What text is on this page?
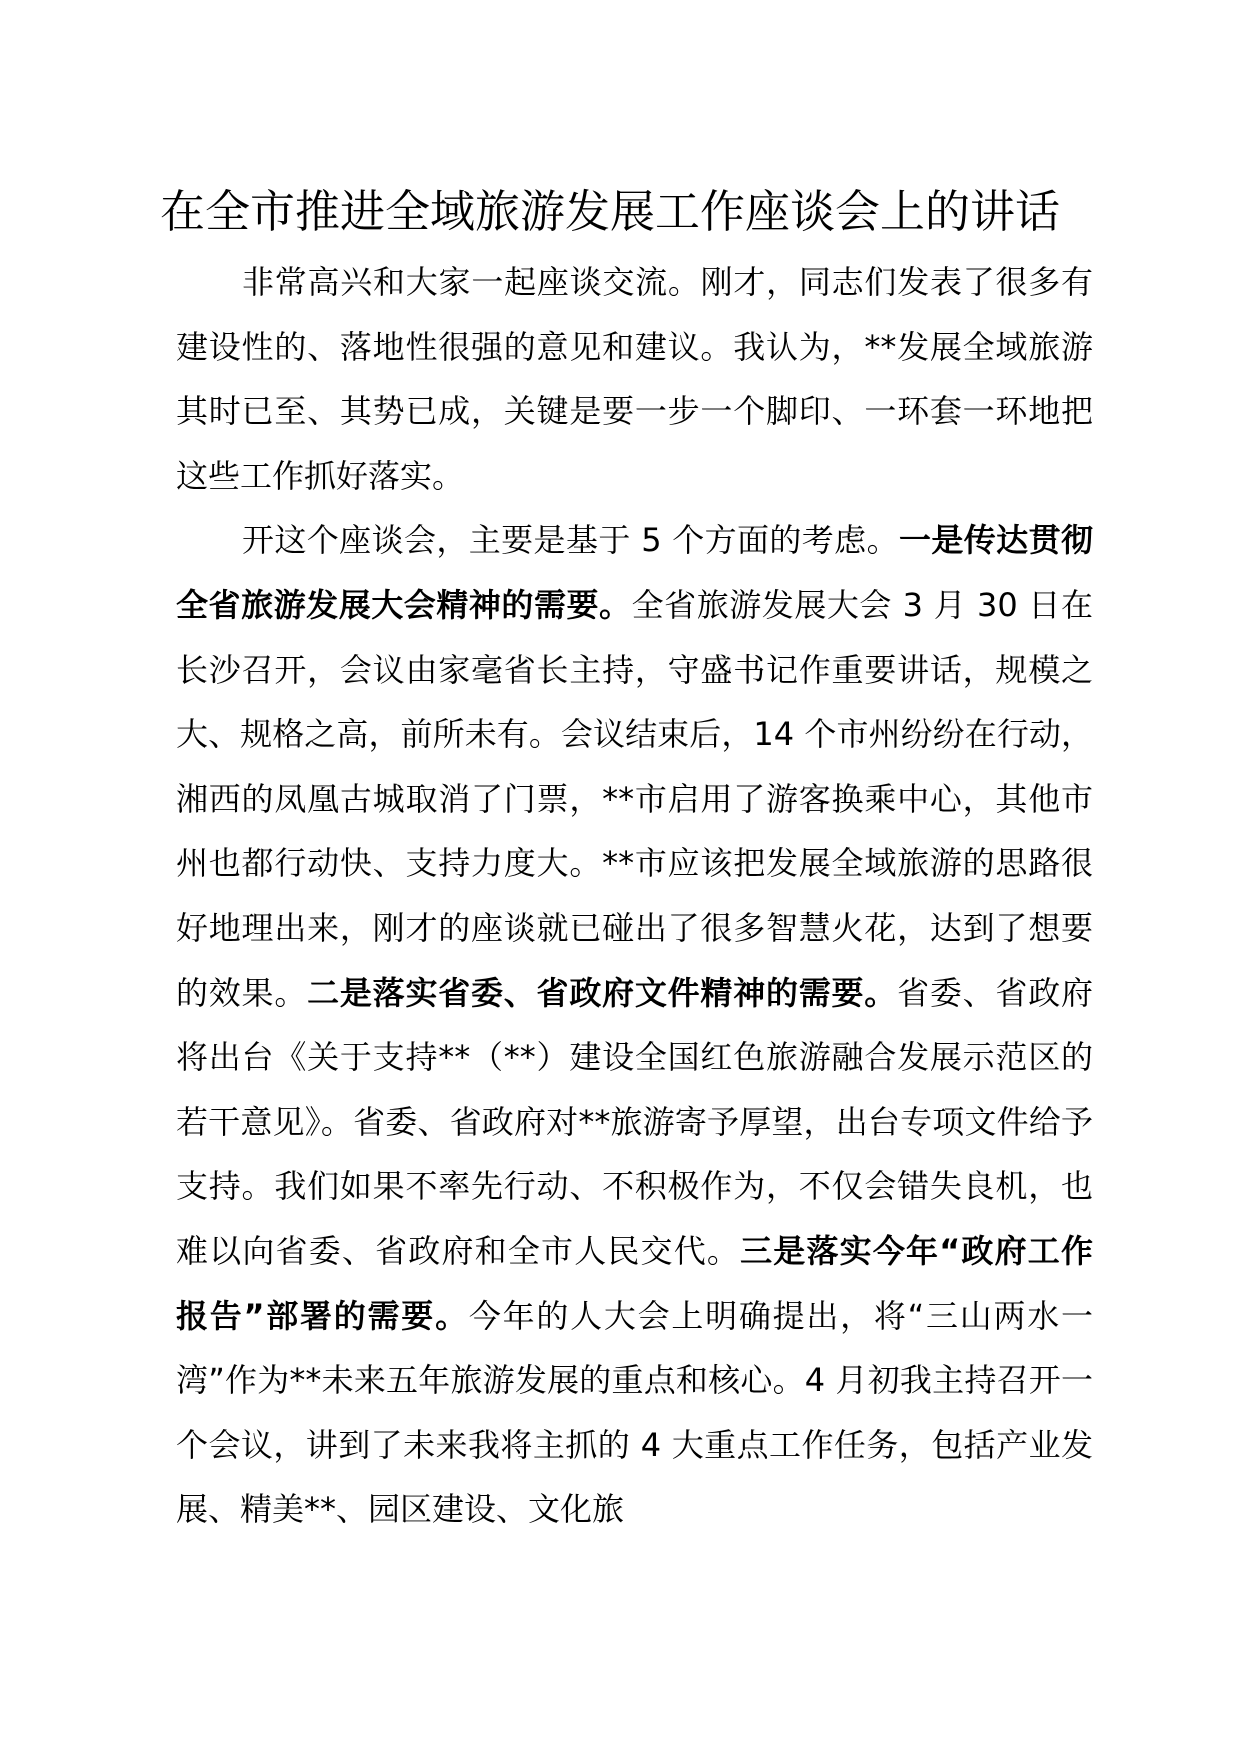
在全市推进全域旅游发展工作座谈会上的讲话

非常高兴和大家一起座谈交流。刚才，同志们发表了很多有建设性的、落地性很强的意见和建议。我认为，**发展全域旅游其时已至、其势已成，关键是要一步一个脚印、一环套一环地把这些工作抓好落实。

开这个座谈会，主要是基于 5 个方面的考虑。一是传达贯彻全省旅游发展大会精神的需要。全省旅游发展大会 3 月 30 日在长沙召开，会议由家毫省长主持，守盛书记作重要讲话，规模之大、规格之高，前所未有。会议结束后，14 个市州纷纷在行动，湘西的凤凰古城取消了门票，**市启用了游客换乘中心，其他市州也都行动快、支持力度大。**市应该把发展全域旅游的思路很好地理出来，刚才的座谈就已碰出了很多智慧火花，达到了想要的效果。二是落实省委、省政府文件精神的需要。省委、省政府将出台《关于支持**（**）建设全国红色旅游融合发展示范区的若干意见》。省委、省政府对**旅游寄予厚望，出台专项文件给予支持。我们如果不率先行动、不积极作为，不仅会错失良机，也难以向省委、省政府和全市人民交代。三是落实今年“政府工作报告”部署的需要。今年的人大会上明确提出，将“三山两水一湾”作为**未来五年旅游发展的重点和核心。4 月初我主持召开一个会议，讲到了未来我将主抓的 4 大重点工作任务，包括产业发展、精美**、园区建设、文化旅
